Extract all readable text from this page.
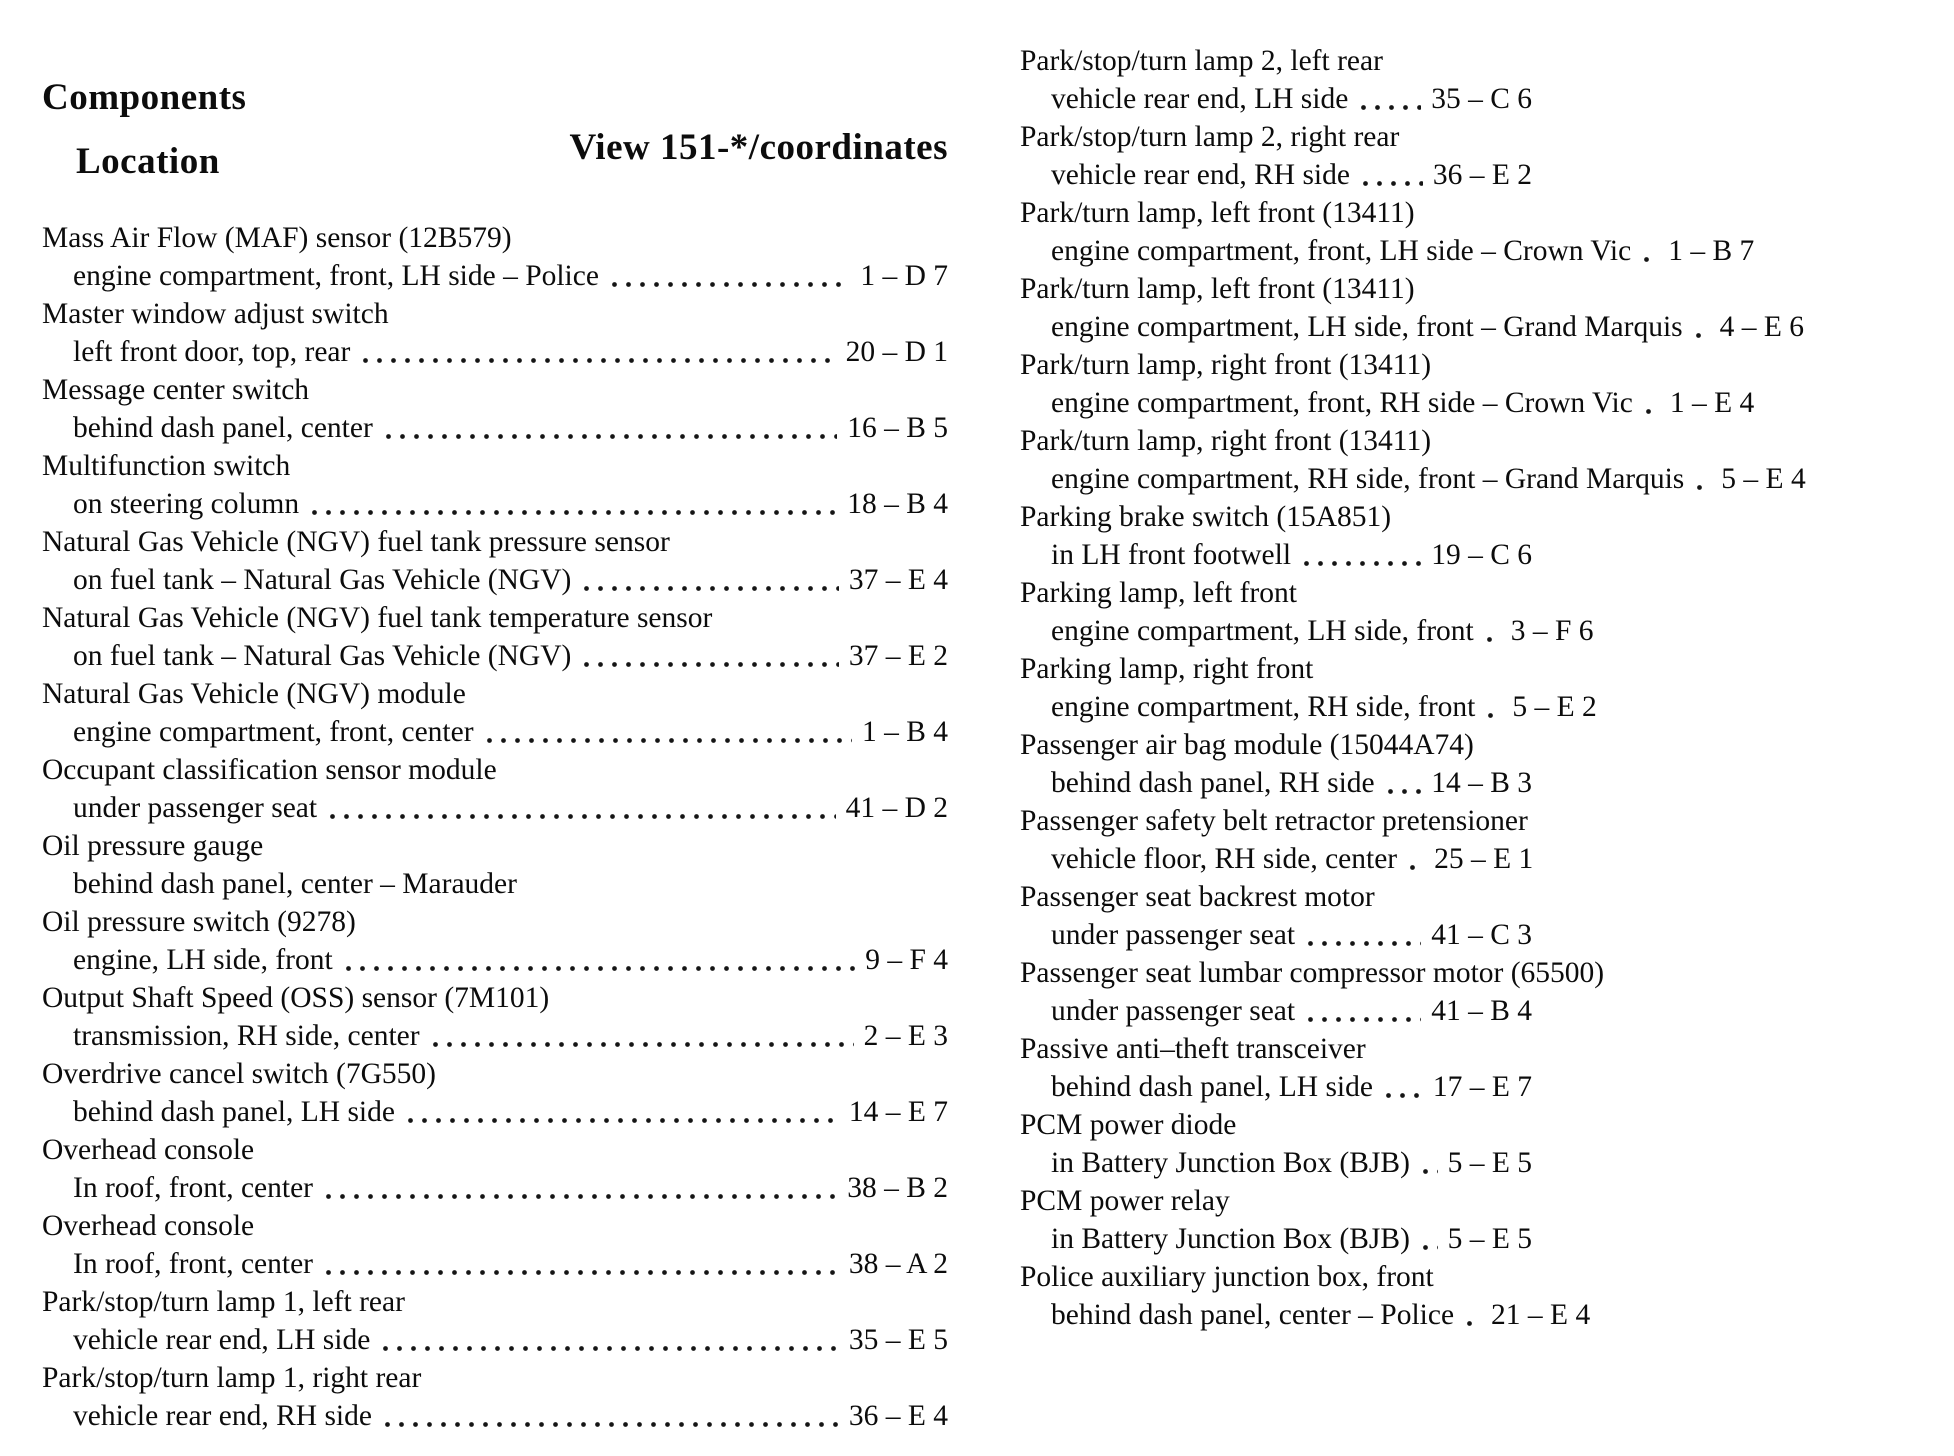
Components
Location	View 151-*/coordinates
Mass Air Flow (MAF) sensor (12B579)
engine compartment, front, LH side – Police	1 – D 7
Master window adjust switch
left front door, top, rear	20 – D 1
Message center switch
behind dash panel, center	16 – B 5
Multifunction switch
on steering column	18 – B 4
Natural Gas Vehicle (NGV) fuel tank pressure sensor
on fuel tank – Natural Gas Vehicle (NGV)	37 – E 4
Natural Gas Vehicle (NGV) fuel tank temperature sensor
on fuel tank – Natural Gas Vehicle (NGV)	37 – E 2
Natural Gas Vehicle (NGV) module
engine compartment, front, center	1 – B 4
Occupant classification sensor module
under passenger seat	41 – D 2
Oil pressure gauge
behind dash panel, center – Marauder
Oil pressure switch (9278)
engine, LH side, front	9 – F 4
Output Shaft Speed (OSS) sensor (7M101)
transmission, RH side, center	2 – E 3
Overdrive cancel switch (7G550)
behind dash panel, LH side	14 – E 7
Overhead console
In roof, front, center	38 – B 2
Overhead console
In roof, front, center	38 – A 2
Park/stop/turn lamp 1, left rear
vehicle rear end, LH side	35 – E 5
Park/stop/turn lamp 1, right rear
vehicle rear end, RH side	36 – E 4
Park/stop/turn lamp 2, left rear
vehicle rear end, LH side	35 – C 6
Park/stop/turn lamp 2, right rear
vehicle rear end, RH side	36 – E 2
Park/turn lamp, left front (13411)
engine compartment, front, LH side – Crown Vic 1 – B 7
Park/turn lamp, left front (13411)
engine compartment, LH side, front – Grand Marquis 4 – E 6
Park/turn lamp, right front (13411)
engine compartment, front, RH side – Crown Vic 1 – E 4
Park/turn lamp, right front (13411)
engine compartment, RH side, front – Grand Marquis 5 – E 4
Parking brake switch (15A851)
in LH front footwell	19 – C 6
Parking lamp, left front
engine compartment, LH side, front 3 – F 6
Parking lamp, right front
engine compartment, RH side, front 5 – E 2
Passenger air bag module (15044A74)
behind dash panel, RH side 14 – B 3
Passenger safety belt retractor pretensioner
vehicle floor, RH side, center 25 – E 1
Passenger seat backrest motor
under passenger seat	41 – C 3
Passenger seat lumbar compressor motor (65500)
under passenger seat	41 – B 4
Passive anti–theft transceiver
behind dash panel, LH side 17 – E 7
PCM power diode
in Battery Junction Box (BJB) 5 – E 5
PCM power relay
in Battery Junction Box (BJB) 5 – E 5
Police auxiliary junction box, front
behind dash panel, center – Police 21 – E 4
